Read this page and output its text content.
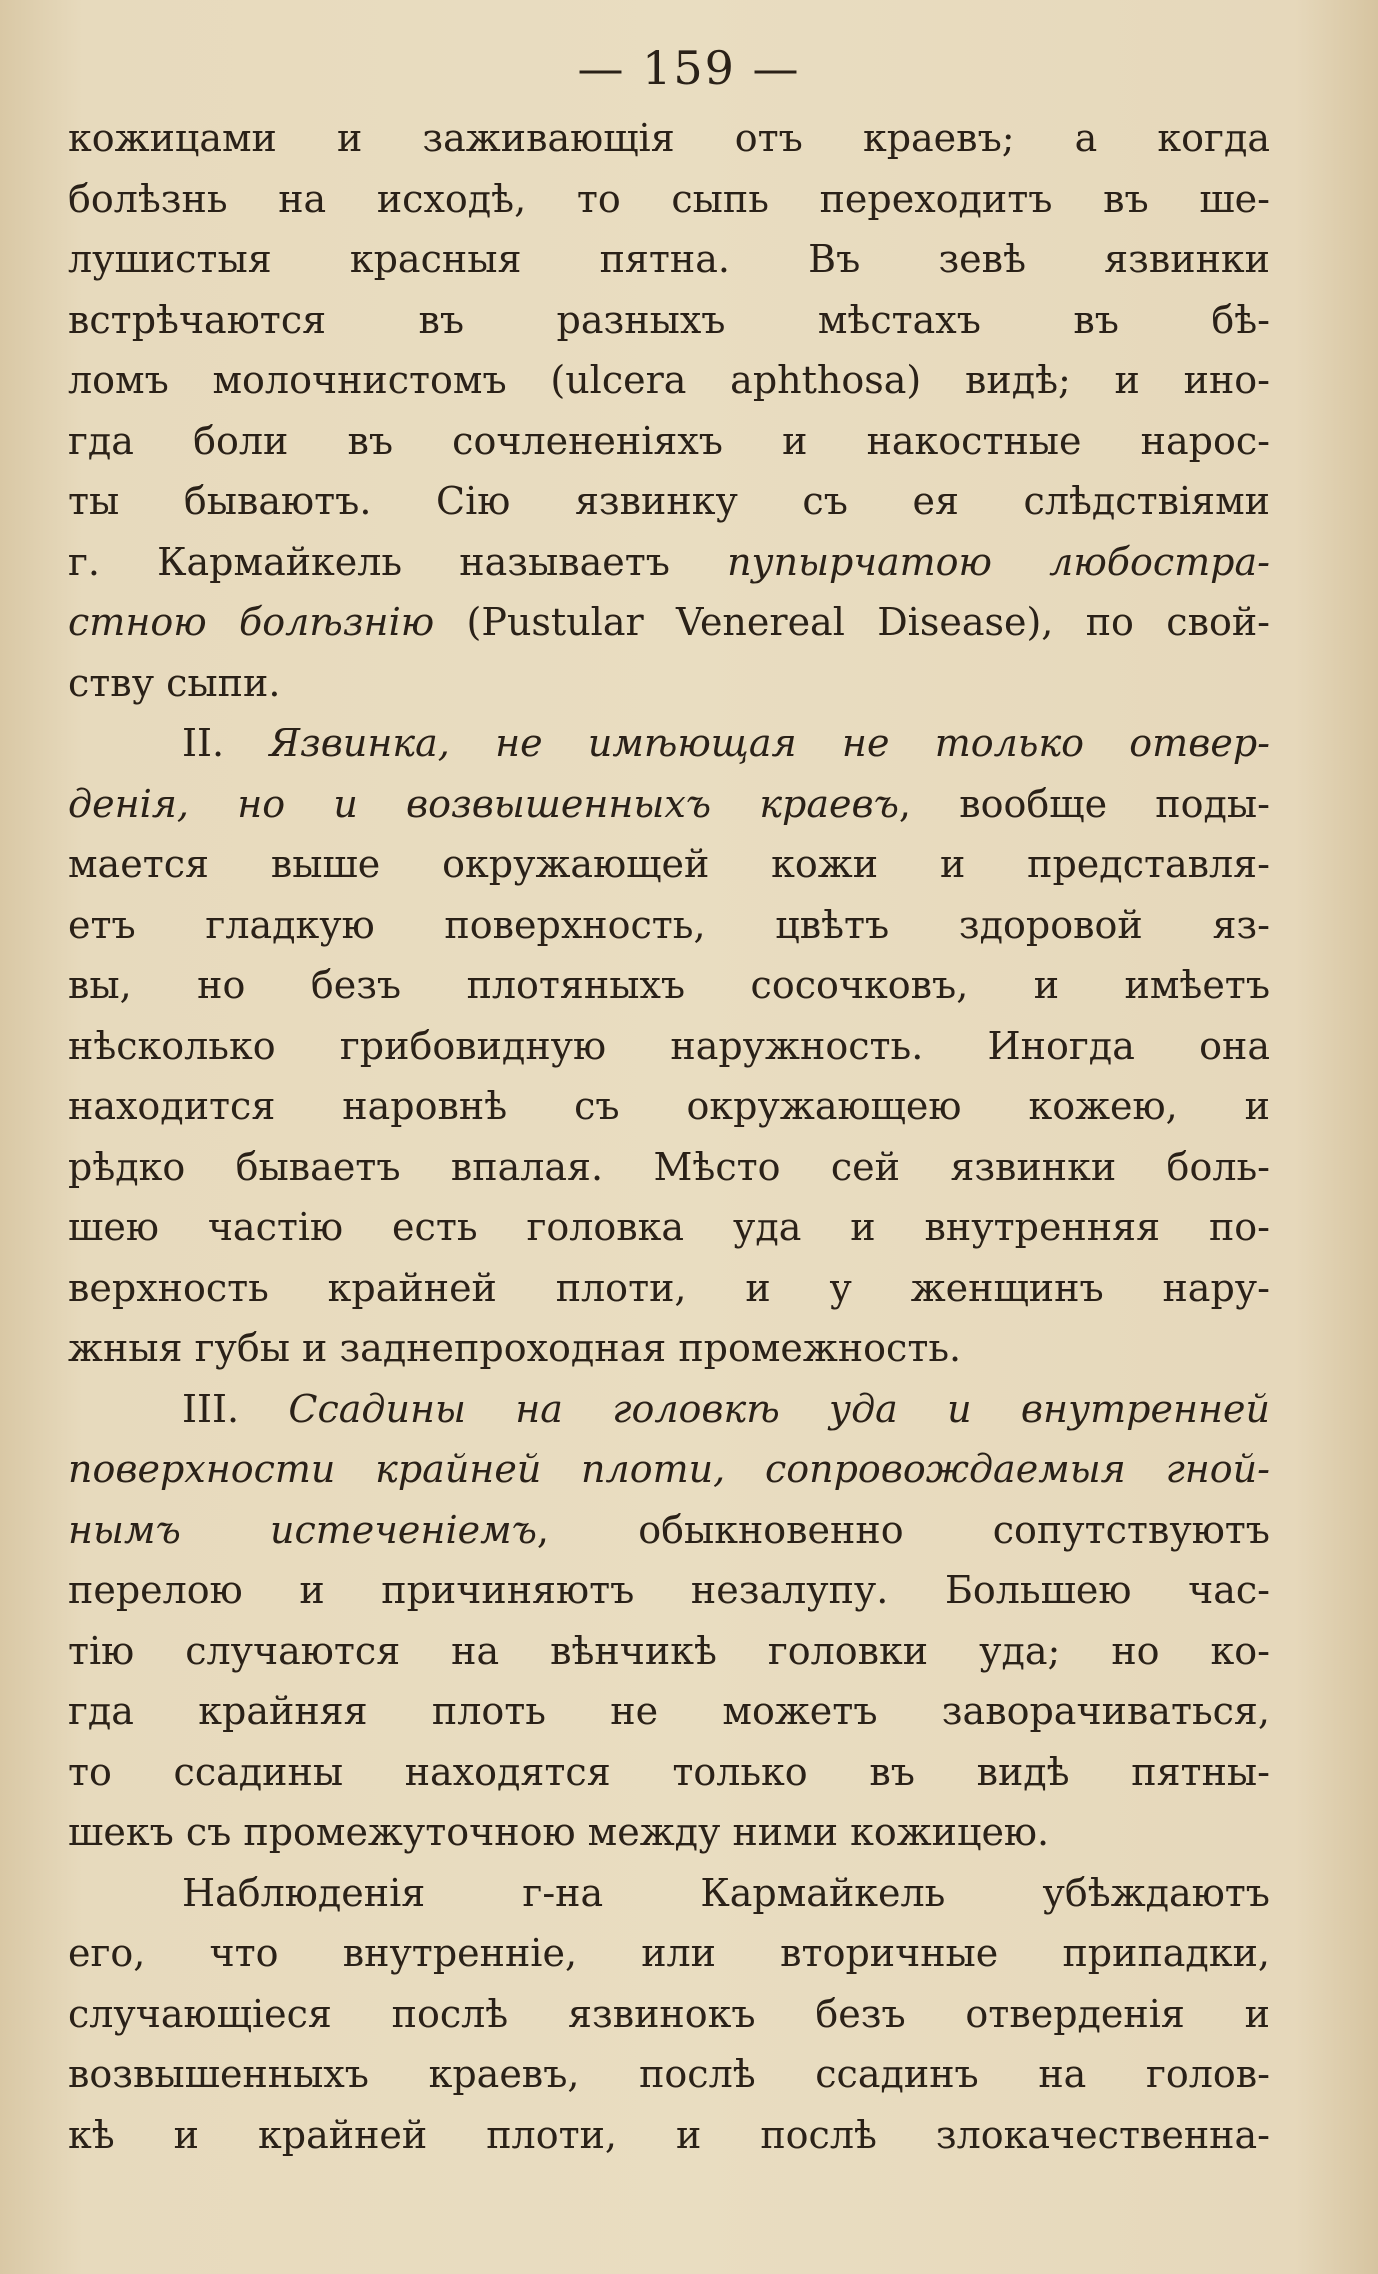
— 159 —
кожицами и заживающія отъ краевъ; а когда
болѣзнь на исходѣ, то сыпь переходитъ въ ше-
лушистыя красныя пятна. Въ зевѣ язвинки
встрѣчаются въ разныхъ мѣстахъ въ бѣ-
ломъ молочнистомъ (ulcera aphthosa) видѣ; и ино-
гда боли въ сочлененіяхъ и накостные нарос-
ты бываютъ. Сію язвинку съ ея слѣдствіями
г. Кармайкель называетъ пупырчатою любостра-
стною болѣзнію (Pustular Venereal Disease), по свой-
ству сыпи.
II. Язвинка, не имѣющая не только отвер-
денія, но и возвышенныхъ краевъ, вообще поды-
мается выше окружающей кожи и представля-
етъ гладкую поверхность, цвѣтъ здоровой яз-
вы, но безъ плотяныхъ сосочковъ, и имѣетъ
нѣсколько грибовидную наружность. Иногда она
находится наровнѣ съ окружающею кожею, и
рѣдко бываетъ впалая. Мѣсто сей язвинки боль-
шею частію есть головка уда и внутренняя по-
верхность крайней плоти, и у женщинъ нару-
жныя губы и заднепроходная промежность.
III. Ссадины на головкѣ уда и внутренней
поверхности крайней плоти, сопровождаемыя гной-
нымъ истеченіемъ, обыкновенно сопутствуютъ
перелою и причиняютъ незалупу. Большею час-
тію случаются на вѣнчикѣ головки уда; но ко-
гда крайняя плоть не можетъ заворачиваться,
то ссадины находятся только въ видѣ пятны-
шекъ съ промежуточною между ними кожицею.
Наблюденія г-на Кармайкель убѣждаютъ
его, что внутренніе, или вторичные припадки,
случающіеся послѣ язвинокъ безъ отверденія и
возвышенныхъ краевъ, послѣ ссадинъ на голов-
кѣ и крайней плоти, и послѣ злокачественна-
